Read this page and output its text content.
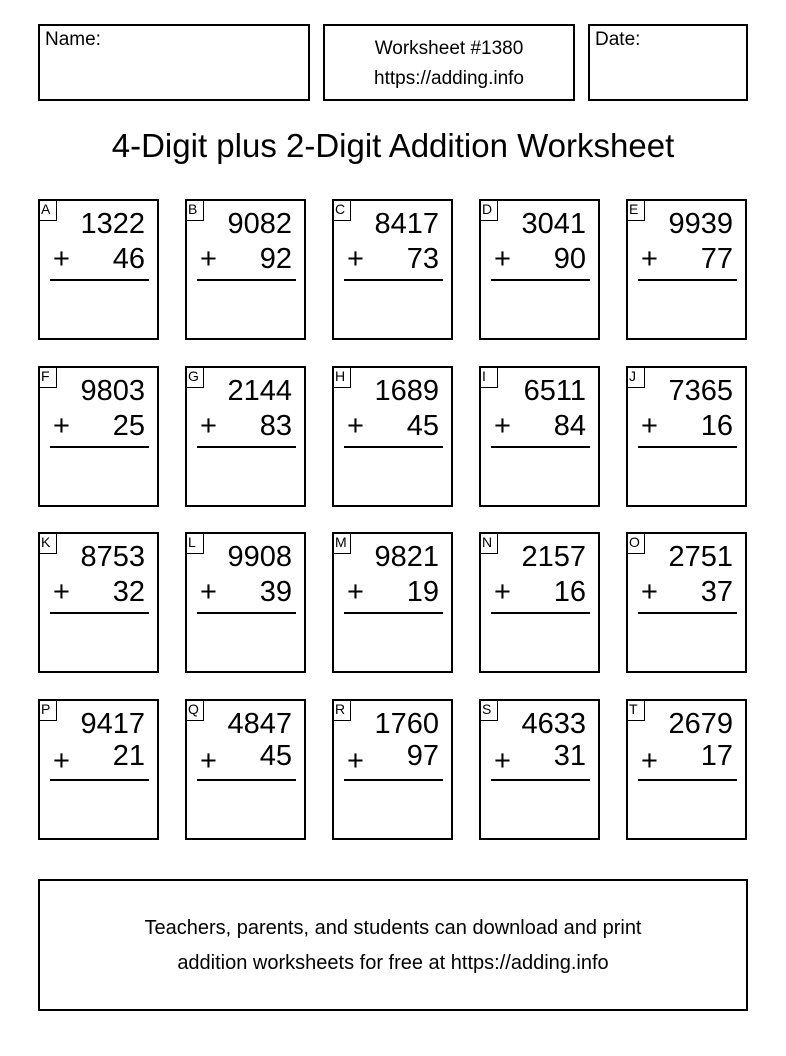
Name:	Worksheet #1380
https://adding.info
Date:
4-Digit plus 2-Digit Addition Worksheet
A 1322
+ 46
B 9082
+ 92
C 8417
+ 73
D 3041
+ 90
E 9939
+ 77
F 9803
+ 25
G 2144
+ 83
H 1689
+ 45
I	6511
+ 84
J	7365
+ 16
K 8753
+ 32
L 9908
+ 39
M 9821
+ 19
N 2157
+ 16
O 2751
+ 37
P 9417
+ 21
Q 4847
+ 45
R 1760
+ 97
S 4633
+ 31
T 2679
+ 17
Teachers, parents, and students can download and print
addition worksheets for free at https://adding.info
